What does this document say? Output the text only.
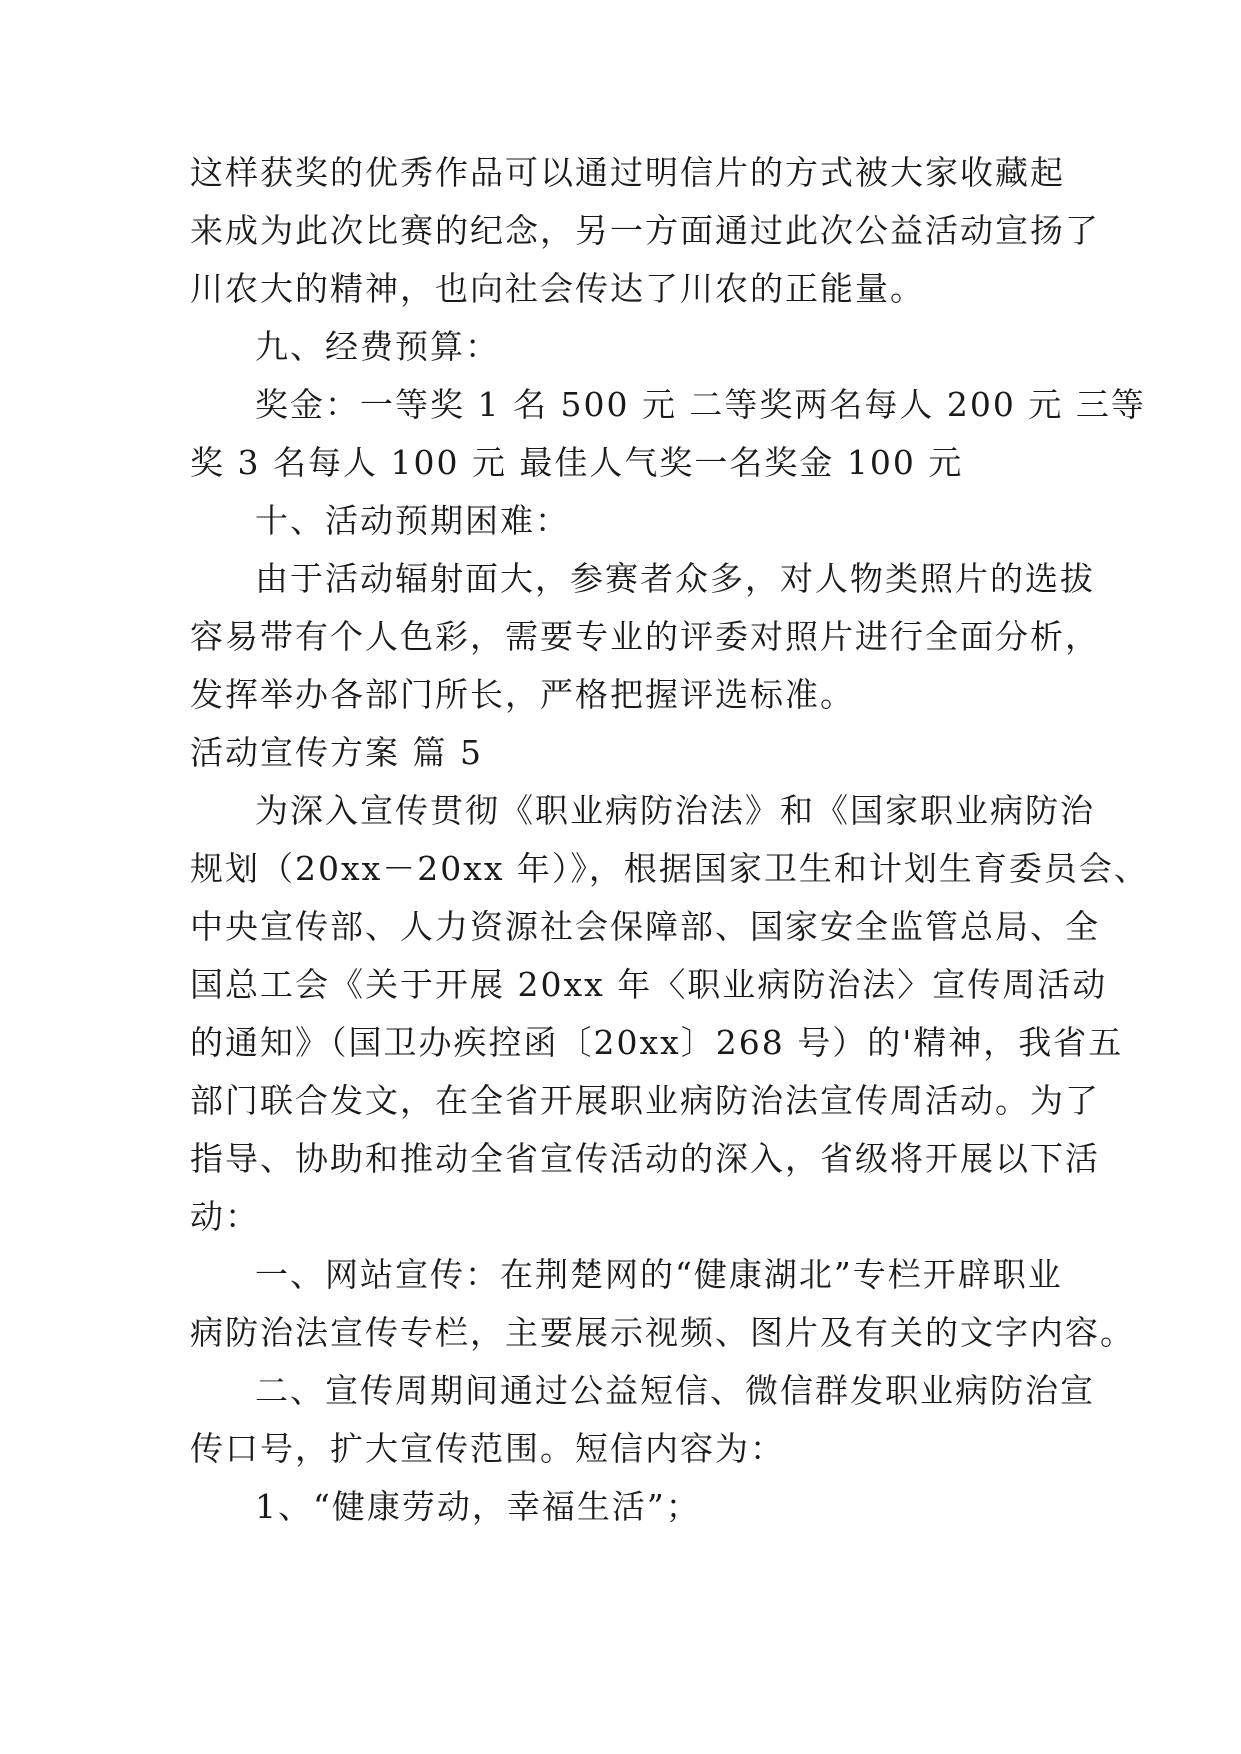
这样获奖的优秀作品可以通过明信片的方式被大家收藏起

来成为此次比赛的纪念，另一方面通过此次公益活动宣扬了

川农大的精神，也向社会传达了川农的正能量。

九、经费预算：

奖金：一等奖 1 名 500 元 二等奖两名每人 200 元 三等

奖 3 名每人 100 元 最佳人气奖一名奖金 100 元

十、活动预期困难：

由于活动辐射面大，参赛者众多，对人物类照片的选拔

容易带有个人色彩，需要专业的评委对照片进行全面分析，

发挥举办各部门所长，严格把握评选标准。

活动宣传方案 篇 5

为深入宣传贯彻《职业病防治法》和《国家职业病防治

规划（20xx－20xx 年）》，根据国家卫生和计划生育委员会、

中央宣传部、人力资源社会保障部、国家安全监管总局、全

国总工会《关于开展 20xx 年〈职业病防治法〉宣传周活动

的通知》（国卫办疾控函〔20xx〕268 号）的'精神，我省五

部门联合发文，在全省开展职业病防治法宣传周活动。为了

指导、协助和推动全省宣传活动的深入，省级将开展以下活

动：

一、网站宣传：在荆楚网的“健康湖北”专栏开辟职业

病防治法宣传专栏，主要展示视频、图片及有关的文字内容。

二、宣传周期间通过公益短信、微信群发职业病防治宣

传口号，扩大宣传范围。短信内容为：

1、“健康劳动，幸福生活”；
